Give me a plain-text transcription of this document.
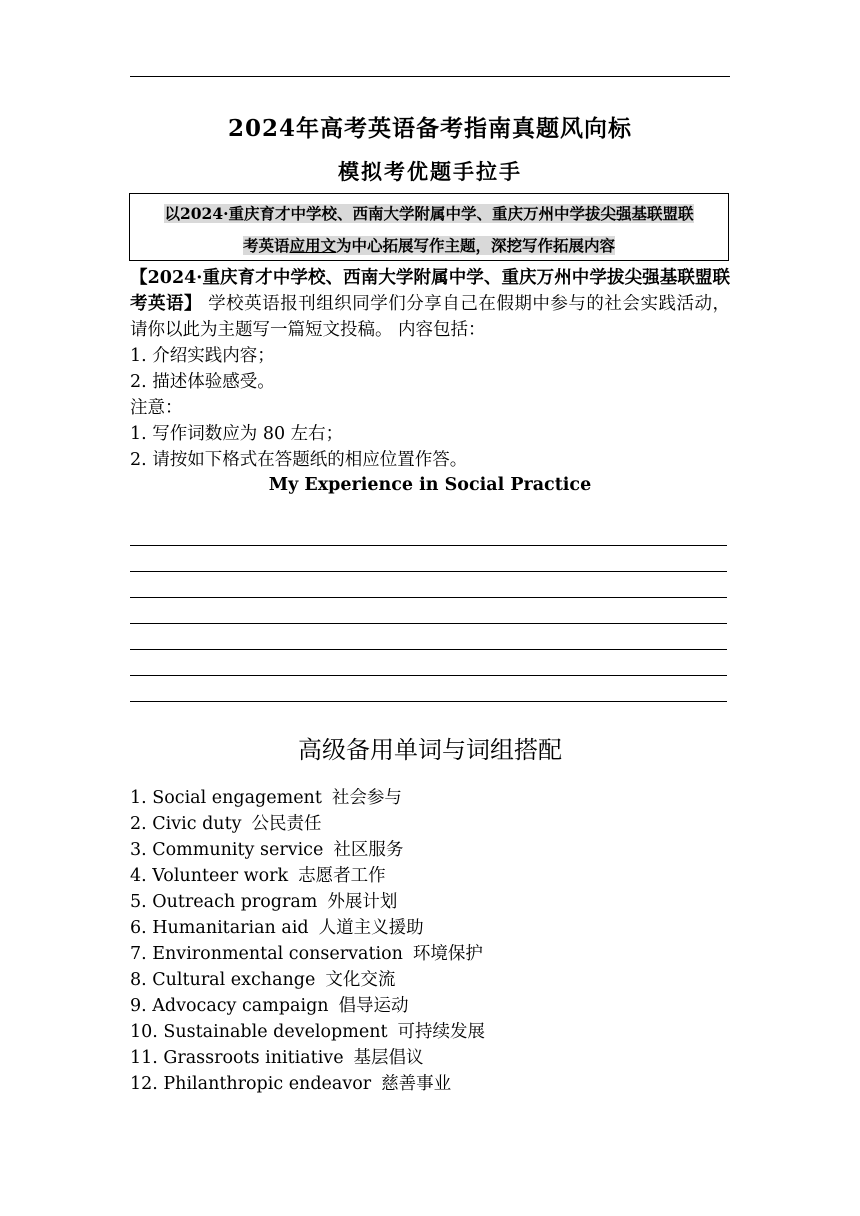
2024年高考英语备考指南真题风向标
模拟考优题手拉手
以2024·重庆育才中学校、西南大学附属中学、重庆万州中学拔尖强基联盟联
考英语应用文为中心拓展写作主题，深挖写作拓展内容
【2024·重庆育才中学校、西南大学附属中学、重庆万州中学拔尖强基联盟联考英语】 学校英语报刊组织同学们分享自己在假期中参与的社会实践活动，请你以此为主题写一篇短文投稿。 内容包括：
1. 介绍实践内容；
2. 描述体验感受。
注意：
1. 写作词数应为 80 左右；
2. 请按如下格式在答题纸的相应位置作答。
My Experience in Social Practice
高级备用单词与词组搭配
1. Social engagement 社会参与
2. Civic duty 公民责任
3. Community service 社区服务
4. Volunteer work 志愿者工作
5. Outreach program 外展计划
6. Humanitarian aid 人道主义援助
7. Environmental conservation 环境保护
8. Cultural exchange 文化交流
9. Advocacy campaign 倡导运动
10. Sustainable development 可持续发展
11. Grassroots initiative 基层倡议
12. Philanthropic endeavor 慈善事业
